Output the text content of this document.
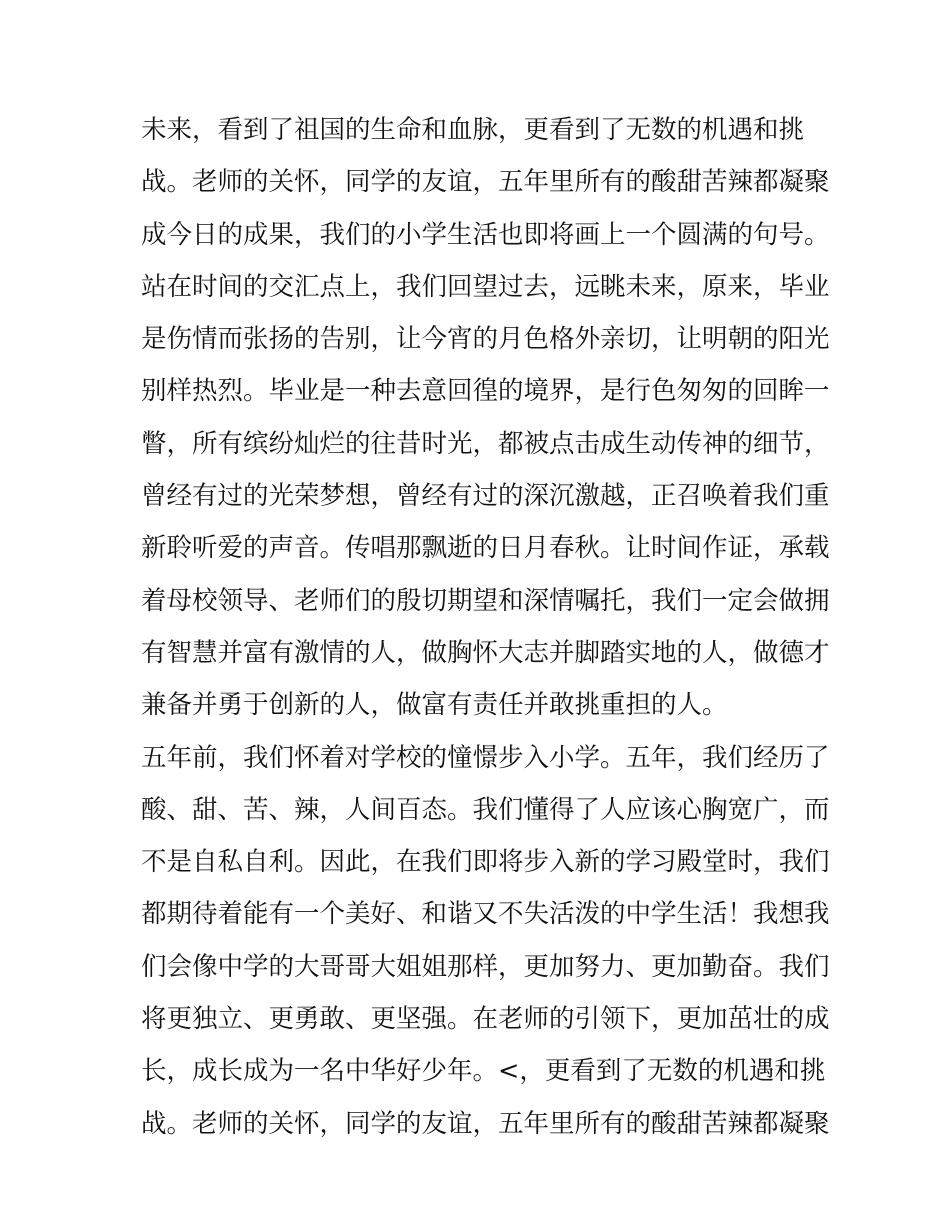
未来，看到了祖国的生命和血脉，更看到了无数的机遇和挑
战。老师的关怀，同学的友谊，五年里所有的酸甜苦辣都凝聚
成今日的成果，我们的小学生活也即将画上一个圆满的句号。
站在时间的交汇点上，我们回望过去，远眺未来，原来，毕业
是伤情而张扬的告别，让今宵的月色格外亲切，让明朝的阳光
别样热烈。毕业是一种去意回徨的境界，是行色匆匆的回眸一
瞥，所有缤纷灿烂的往昔时光，都被点击成生动传神的细节，
曾经有过的光荣梦想，曾经有过的深沉激越，正召唤着我们重
新聆听爱的声音。传唱那飘逝的日月春秋。让时间作证，承载
着母校领导、老师们的殷切期望和深情嘱托，我们一定会做拥
有智慧并富有激情的人，做胸怀大志并脚踏实地的人，做德才
兼备并勇于创新的人，做富有责任并敢挑重担的人。
五年前，我们怀着对学校的憧憬步入小学。五年，我们经历了
酸、甜、苦、辣，人间百态。我们懂得了人应该心胸宽广，而
不是自私自利。因此，在我们即将步入新的学习殿堂时，我们
都期待着能有一个美好、和谐又不失活泼的中学生活！我想我
们会像中学的大哥哥大姐姐那样，更加努力、更加勤奋。我们
将更独立、更勇敢、更坚强。在老师的引领下，更加茁壮的成
长，成长成为一名中华好少年。<，更看到了无数的机遇和挑
战。老师的关怀，同学的友谊，五年里所有的酸甜苦辣都凝聚
